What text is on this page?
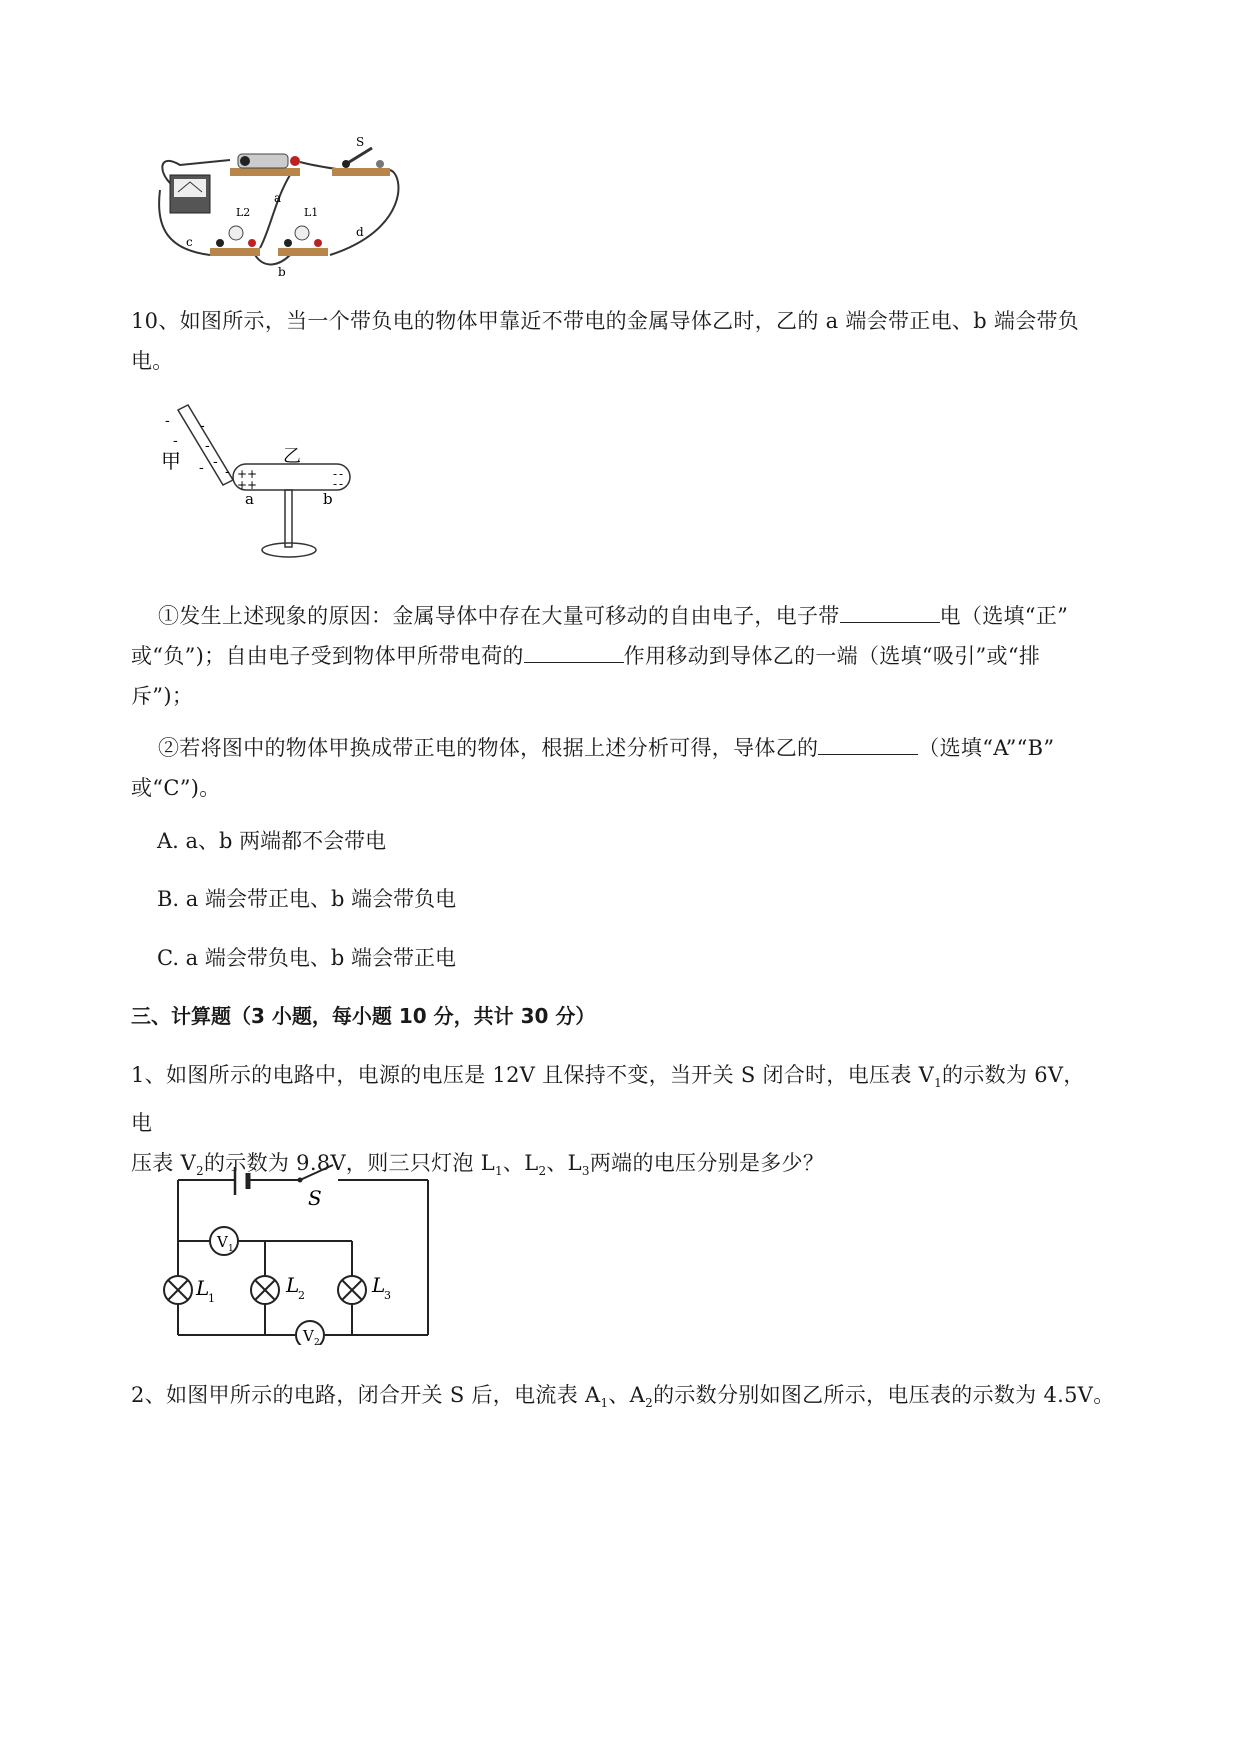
S
L2	L1
a
b
c
d
10、如图所示，当一个带负电的物体甲靠近不带电的金属导体乙时，乙的 a 端会带正电、b 端会带负
电。
-
-
-
-
-
- -
甲	乙
+ +
+ +
- -
- -
a	b
①发生上述现象的原因：金属导体中存在大量可移动的自由电子，电子带	电（选填“正”
或“负”)；自由电子受到物体甲所带电荷的	作用移动到导体乙的一端（选填“吸引”或“排
斥”)；
②若将图中的物体甲换成带正电的物体，根据上述分析可得，导体乙的	（选填“A”“B”
或“C”)。
A. a、b 两端都不会带电
B. a 端会带正电、b 端会带负电
C. a 端会带负电、b 端会带正电
三、计算题（3 小题，每小题 10 分，共计 30 分）
1、如图所示的电路中，电源的电压是 12V 且保持不变，当开关 S 闭合时，电压表 $V_1$的示数为 6V，电
压表 $V_2$的示数为 9.8V，则三只灯泡 $L_1$、$L_2$、$L_3$两端的电压分别是多少？
S
V 1
V 2
L
1
L
2	L
3
2、如图甲所示的电路，闭合开关 S 后，电流表 $A_1$、$A_2$的示数分别如图乙所示，电压表的示数为 4.5V。
